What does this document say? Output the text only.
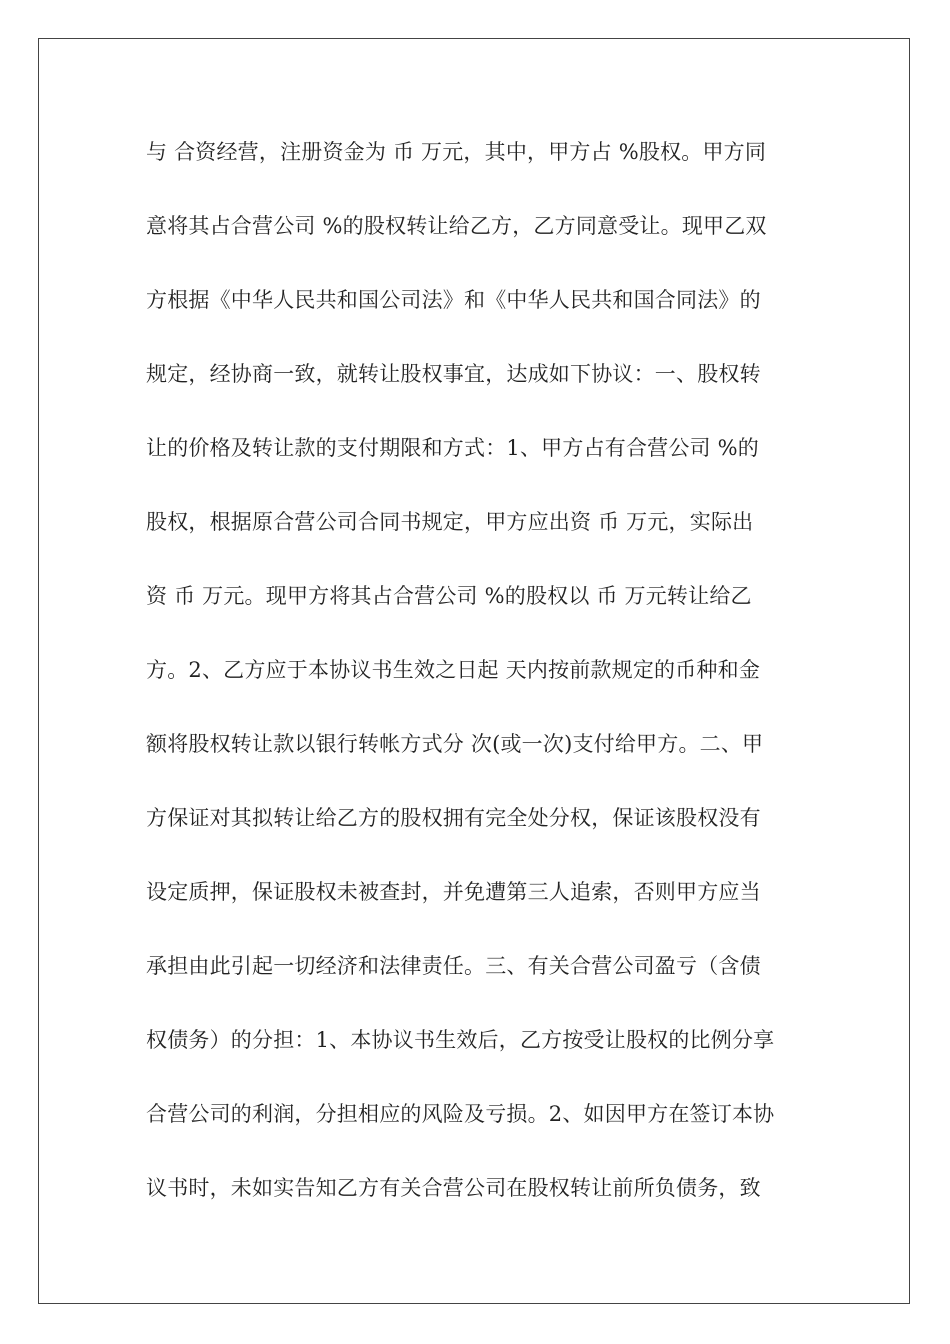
与 合资经营，注册资金为 币 万元，其中，甲方占 %股权。甲方同
意将其占合营公司 %的股权转让给乙方，乙方同意受让。现甲乙双
方根据《中华人民共和国公司法》和《中华人民共和国合同法》的
规定，经协商一致，就转让股权事宜，达成如下协议：一、股权转
让的价格及转让款的支付期限和方式：1、甲方占有合营公司 %的
股权，根据原合营公司合同书规定，甲方应出资 币 万元，实际出
资 币 万元。现甲方将其占合营公司 %的股权以 币 万元转让给乙
方。2、乙方应于本协议书生效之日起 天内按前款规定的币种和金
额将股权转让款以银行转帐方式分 次(或一次)支付给甲方。二、甲
方保证对其拟转让给乙方的股权拥有完全处分权，保证该股权没有
设定质押，保证股权未被查封，并免遭第三人追索，否则甲方应当
承担由此引起一切经济和法律责任。三、有关合营公司盈亏（含债
权债务）的分担：1、本协议书生效后，乙方按受让股权的比例分享
合营公司的利润，分担相应的风险及亏损。2、如因甲方在签订本协
议书时，未如实告知乙方有关合营公司在股权转让前所负债务，致
